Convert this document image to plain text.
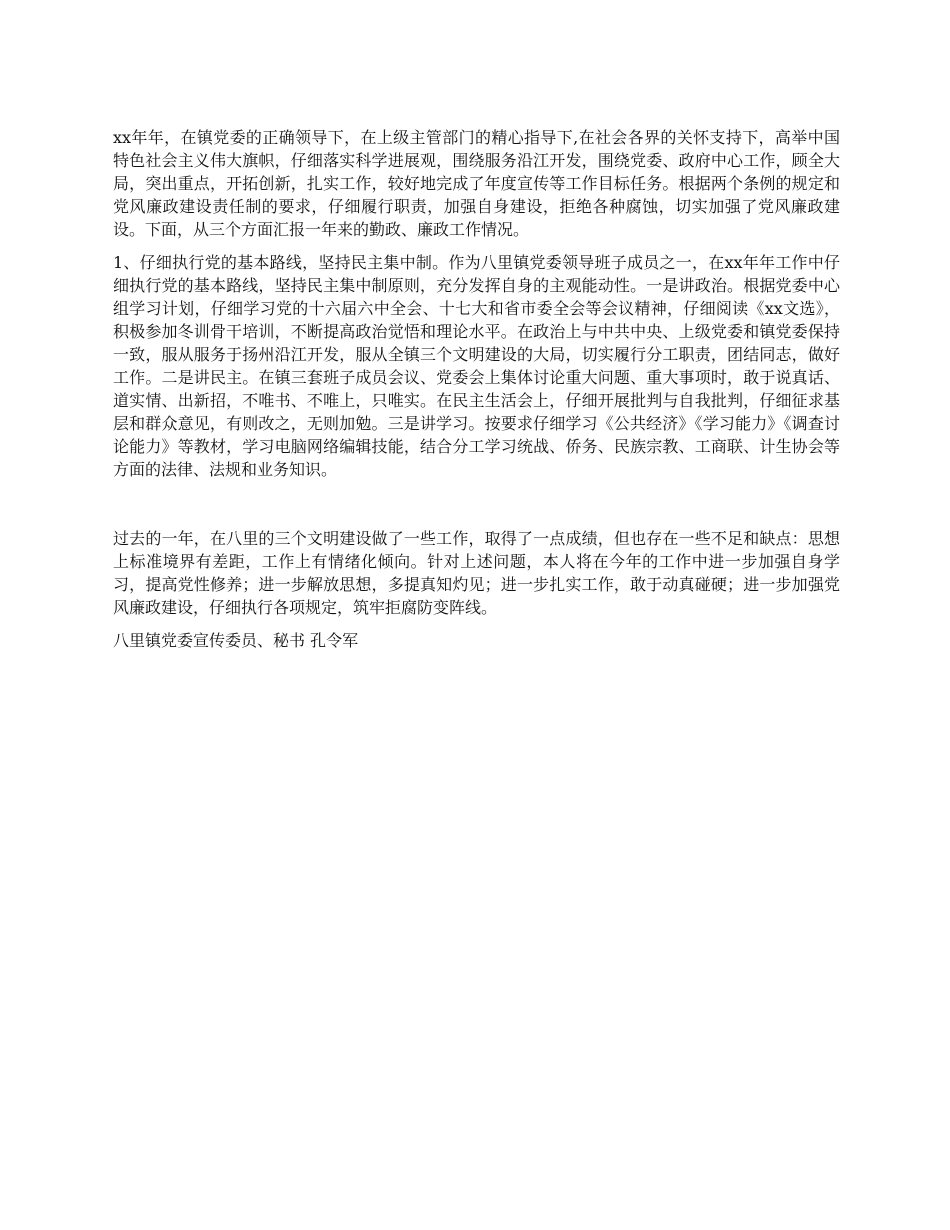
xx年年，在镇党委的正确领导下，在上级主管部门的精心指导下,在社会各界的关怀支持下，高举中国特色社会主义伟大旗帜，仔细落实科学进展观，围绕服务沿江开发，围绕党委、政府中心工作，顾全大局，突出重点，开拓创新，扎实工作，较好地完成了年度宣传等工作目标任务。根据两个条例的规定和党风廉政建设责任制的要求，仔细履行职责，加强自身建设，拒绝各种腐蚀，切实加强了党风廉政建设。下面，从三个方面汇报一年来的勤政、廉政工作情况。

1、仔细执行党的基本路线，坚持民主集中制。作为八里镇党委领导班子成员之一，在xx年年工作中仔细执行党的基本路线，坚持民主集中制原则，充分发挥自身的主观能动性。一是讲政治。根据党委中心组学习计划，仔细学习党的十六届六中全会、十七大和省市委全会等会议精神，仔细阅读《xx文选》，积极参加冬训骨干培训，不断提高政治觉悟和理论水平。在政治上与中共中央、上级党委和镇党委保持一致，服从服务于扬州沿江开发，服从全镇三个文明建设的大局，切实履行分工职责，团结同志，做好工作。二是讲民主。在镇三套班子成员会议、党委会上集体讨论重大问题、重大事项时，敢于说真话、道实情、出新招，不唯书、不唯上，只唯实。在民主生活会上，仔细开展批判与自我批判，仔细征求基层和群众意见，有则改之，无则加勉。三是讲学习。按要求仔细学习《公共经济》《学习能力》《调查讨论能力》等教材，学习电脑网络编辑技能，结合分工学习统战、侨务、民族宗教、工商联、计生协会等方面的法律、法规和业务知识。

过去的一年，在八里的三个文明建设做了一些工作，取得了一点成绩，但也存在一些不足和缺点：思想上标准境界有差距，工作上有情绪化倾向。针对上述问题，本人将在今年的工作中进一步加强自身学习，提高党性修养；进一步解放思想，多提真知灼见；进一步扎实工作，敢于动真碰硬；进一步加强党风廉政建设，仔细执行各项规定，筑牢拒腐防变阵线。

八里镇党委宣传委员、秘书 孔令军
